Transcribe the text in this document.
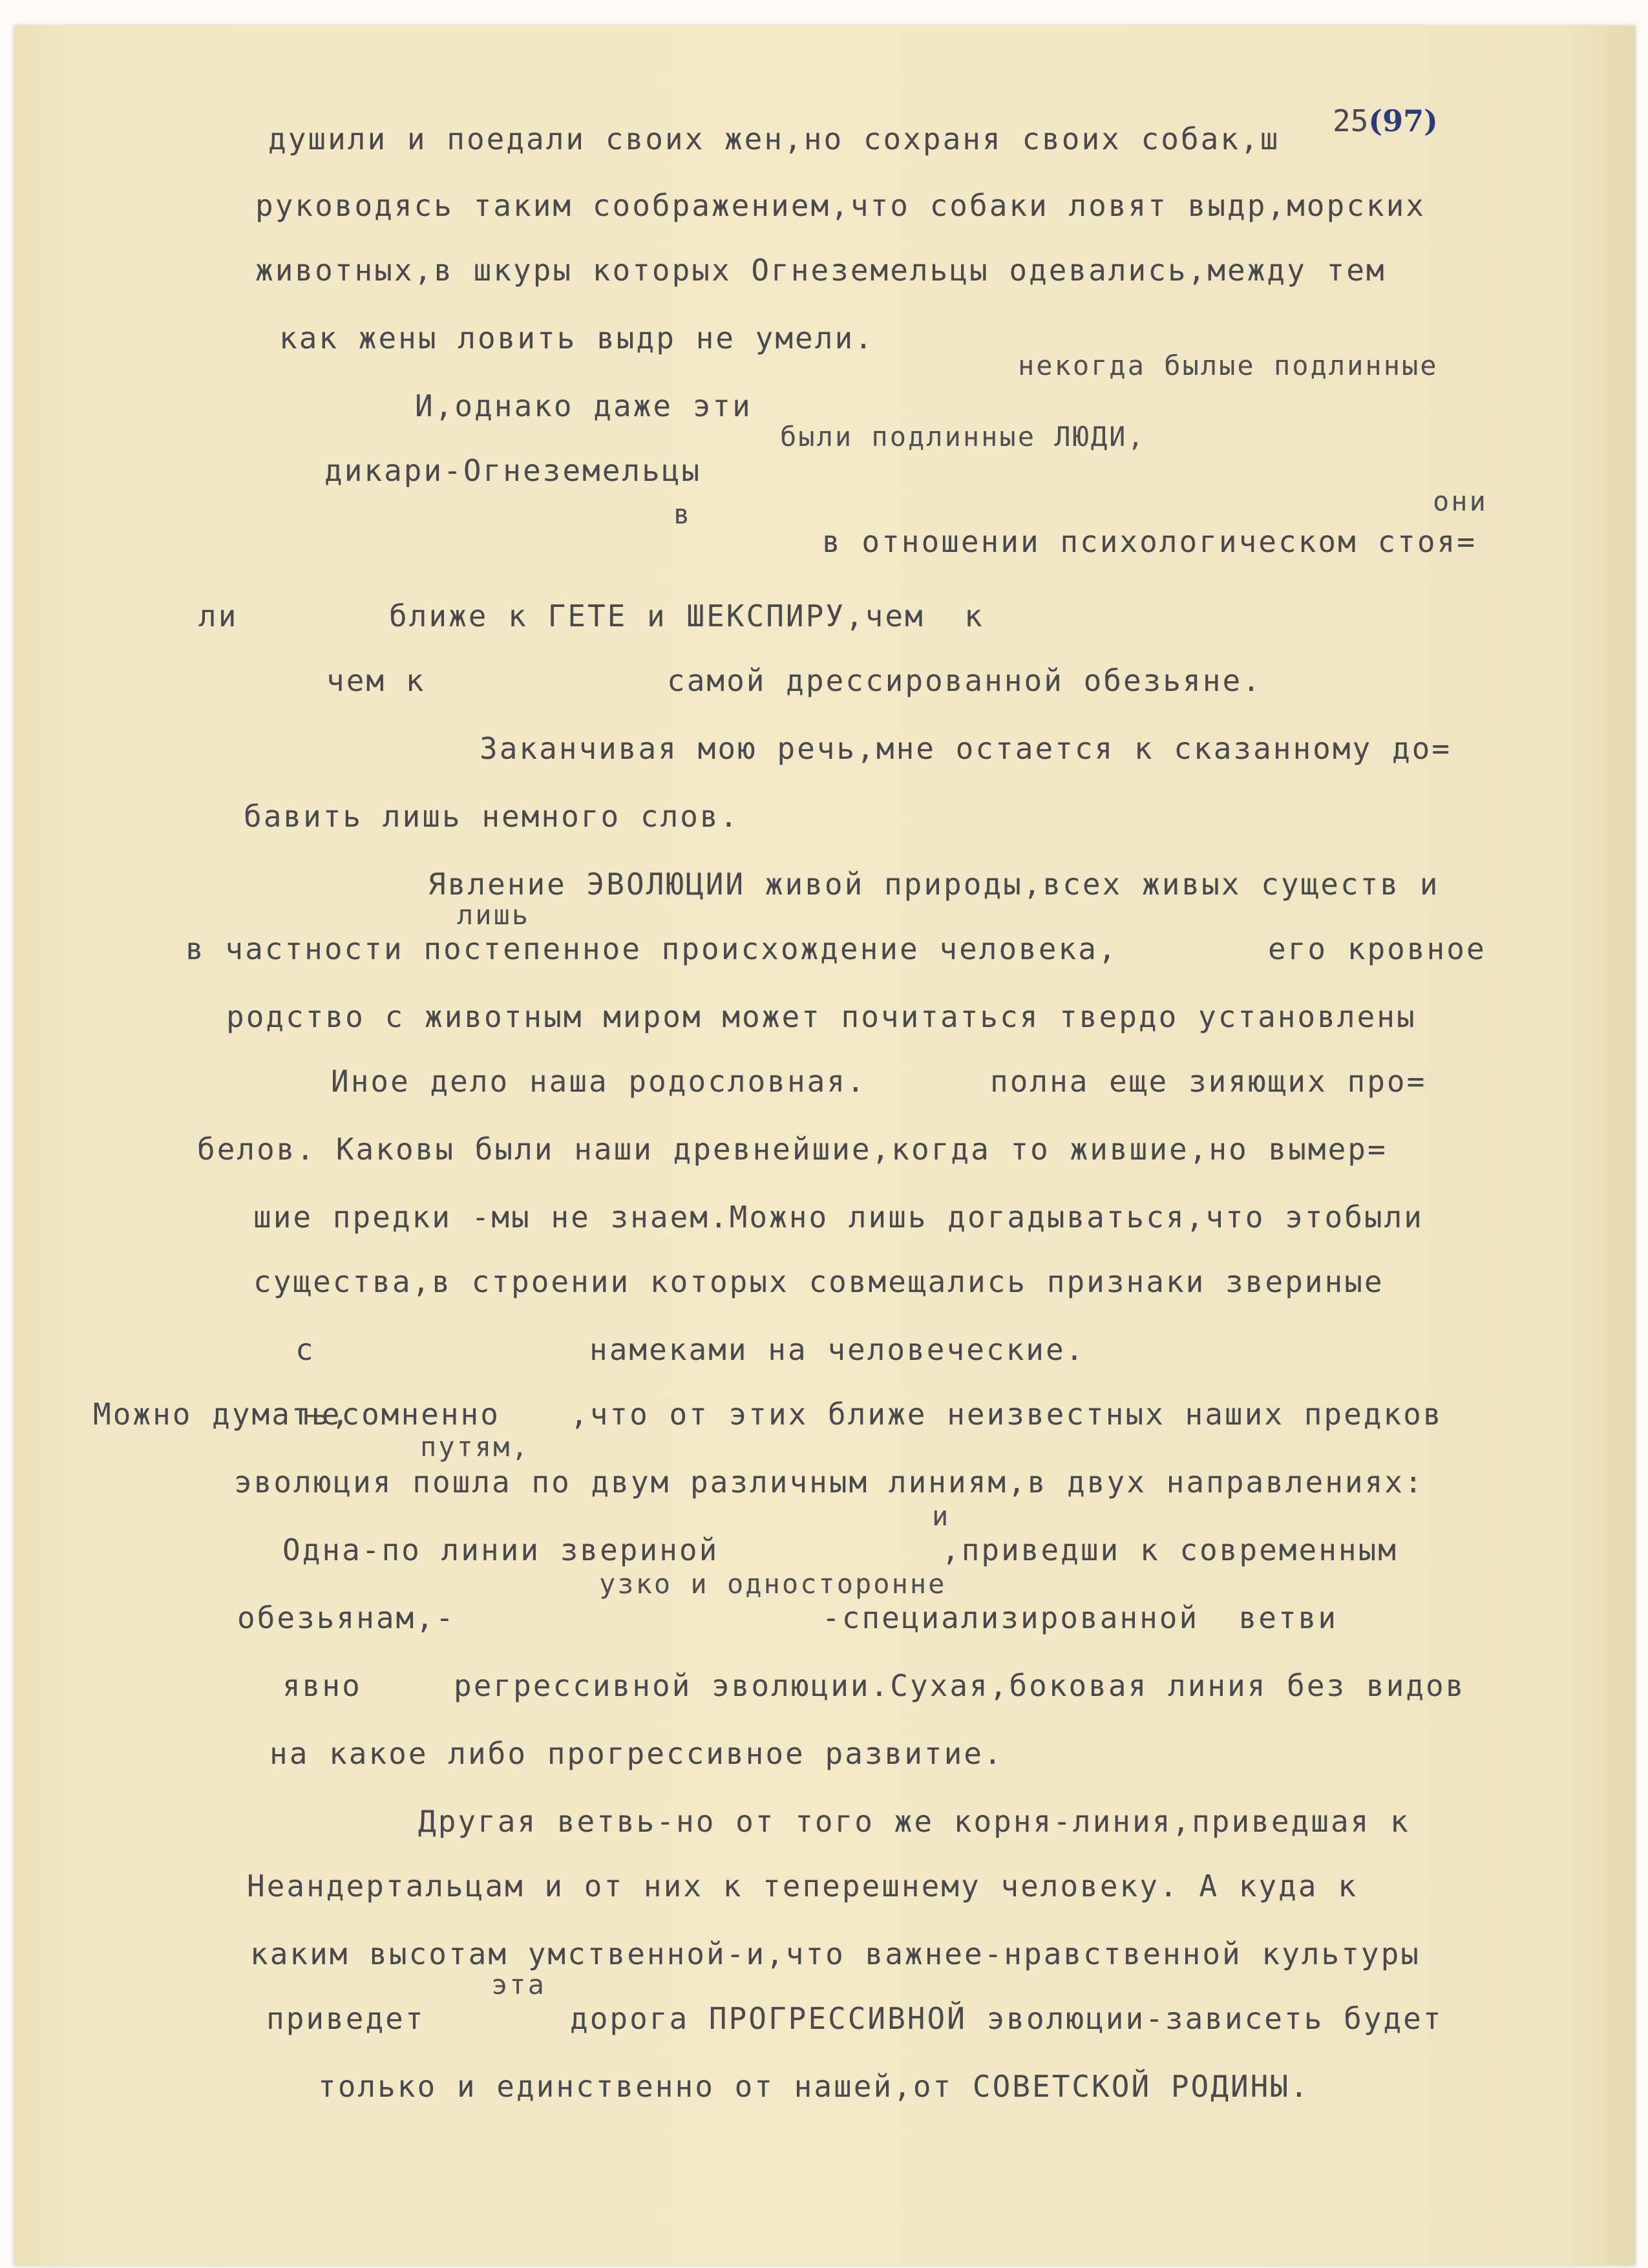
25(97)
душили и поедали своих жен,но сохраня своих собак,ш
руководясь таким соображением,что собаки ловят выдр,морских
животных,в шкуры которых Огнеземельцы одевались,между тем
как жены ловить выдр не умели.
некогда былые подлинные
И,однако даже эти
были подлинные ЛЮДИ,
дикари-Огнеземельцы
они
в
в отношении психологическом стоя=
ли	ближе к ГЕТЕ и ШЕКСПИРУ,чем  к
чем к	самой дрессированной обезьяне.
Заканчивая мою речь,мне остается к сказанному до=
бавить лишь немного слов.
Явление ЭВОЛЮЦИИ живой природы,всех живых существ и
лишь
в частности постепенное происхождение человека,	его кровное
родство с животным миром может почитаться твердо установлены
Иное дело наша родословная.	полна еще зияющих про=
белов. Каковы были наши древнейшие,когда то жившие,но вымер=
шие предки -мы не знаем.Можно лишь догадываться,что этобыли
существа,в строении которых совмещались признаки звериные
с	намеками на человеческие.
Можно думать,
несомненно ,что от этих ближе неизвестных наших предков
путям,
эволюция пошла по двум различным линиям,в двух направлениях:
и
Одна-по линии звериной	,приведши к современным
узко и односторонне
обезьянам,-	-специализированной  ветви
явно	регрессивной эволюции.Сухая,боковая линия без видов
на какое либо прогрессивное развитие.
Другая ветвь-но от того же корня-линия,приведшая к
Неандертальцам и от них к теперешнему человеку. А куда к
каким высотам умственной-и,что важнее-нравственной культуры
эта
приведет	дорога ПРОГРЕССИВНОЙ эволюции-зависеть будет
только и единственно от нашей,от СОВЕТСКОЙ РОДИНЫ.
